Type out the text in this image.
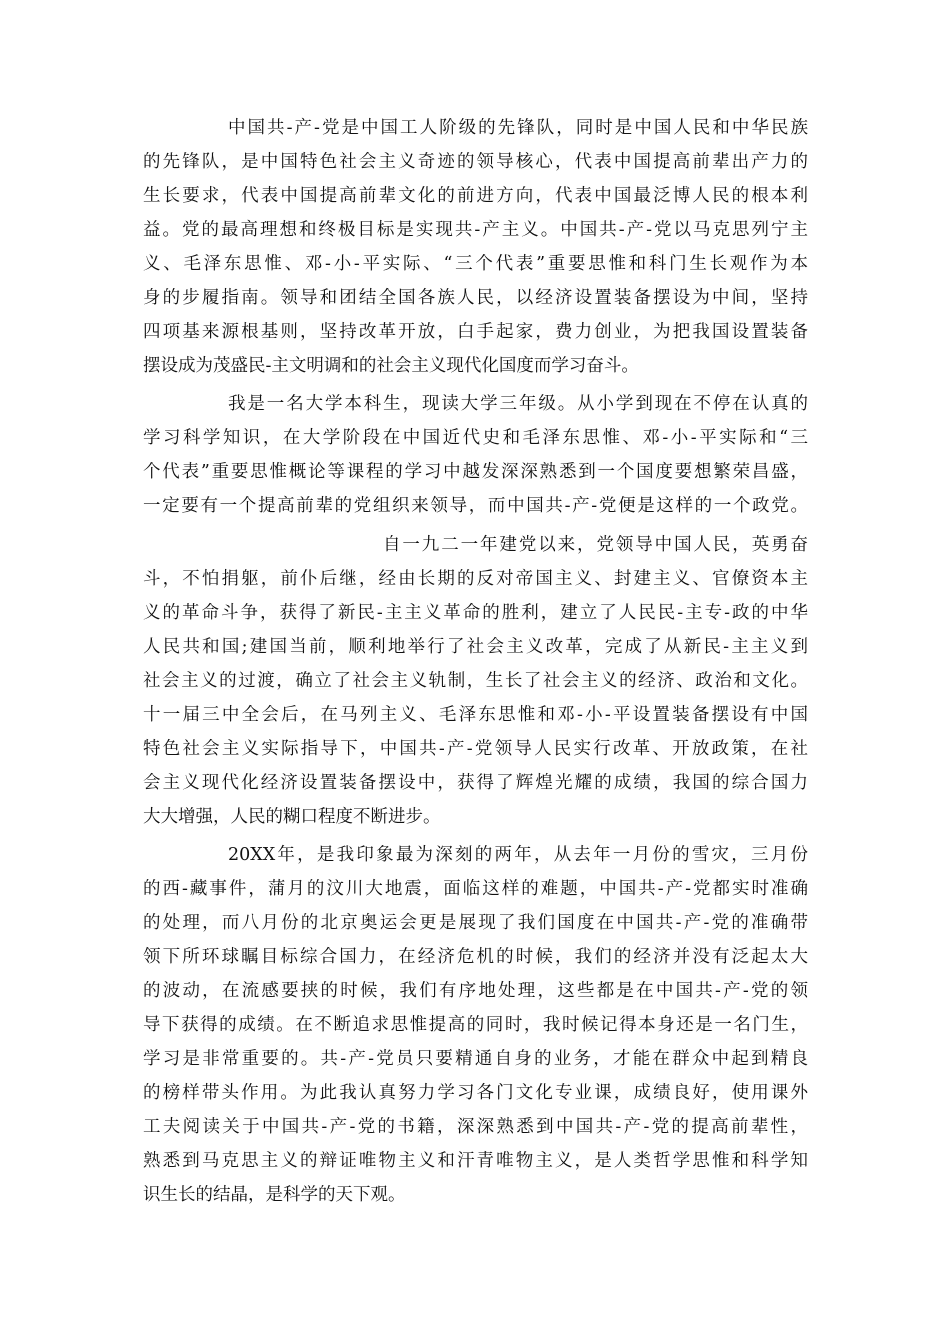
中国共-产-党是中国工人阶级的先锋队，同时是中国人民和中华民族
的先锋队，是中国特色社会主义奇迹的领导核心，代表中国提高前辈出产力的
生长要求，代表中国提高前辈文化的前进方向，代表中国最泛博人民的根本利
益。党的最高理想和终极目标是实现共-产主义。中国共-产-党以马克思列宁主
义、毛泽东思惟、邓-小-平实际、“三个代表”重要思惟和科门生长观作为本
身的步履指南。领导和团结全国各族人民，以经济设置装备摆设为中间，坚持
四项基来源根基则，坚持改革开放，白手起家，费力创业，为把我国设置装备
摆设成为茂盛民-主文明调和的社会主义现代化国度而学习奋斗。
我是一名大学本科生，现读大学三年级。从小学到现在不停在认真的
学习科学知识，在大学阶段在中国近代史和毛泽东思惟、邓-小-平实际和“三
个代表”重要思惟概论等课程的学习中越发深深熟悉到一个国度要想繁荣昌盛，
一定要有一个提高前辈的党组织来领导，而中国共-产-党便是这样的一个政党。
自一九二一年建党以来，党领导中国人民，英勇奋
斗，不怕捐躯，前仆后继，经由长期的反对帝国主义、封建主义、官僚资本主
义的革命斗争，获得了新民-主主义革命的胜利，建立了人民民-主专-政的中华
人民共和国;建国当前，顺利地举行了社会主义改革，完成了从新民-主主义到
社会主义的过渡，确立了社会主义轨制，生长了社会主义的经济、政治和文化。
十一届三中全会后，在马列主义、毛泽东思惟和邓-小-平设置装备摆设有中国
特色社会主义实际指导下，中国共-产-党领导人民实行改革、开放政策，在社
会主义现代化经济设置装备摆设中，获得了辉煌光耀的成绩，我国的综合国力
大大增强，人民的糊口程度不断进步。
20XX年，是我印象最为深刻的两年，从去年一月份的雪灾，三月份
的西-藏事件，蒲月的汶川大地震，面临这样的难题，中国共-产-党都实时准确
的处理，而八月份的北京奥运会更是展现了我们国度在中国共-产-党的准确带
领下所环球瞩目标综合国力，在经济危机的时候，我们的经济并没有泛起太大
的波动，在流感要挟的时候，我们有序地处理，这些都是在中国共-产-党的领
导下获得的成绩。在不断追求思惟提高的同时，我时候记得本身还是一名门生，
学习是非常重要的。共-产-党员只要精通自身的业务，才能在群众中起到精良
的榜样带头作用。为此我认真努力学习各门文化专业课，成绩良好，使用课外
工夫阅读关于中国共-产-党的书籍，深深熟悉到中国共-产-党的提高前辈性，
熟悉到马克思主义的辩证唯物主义和汗青唯物主义，是人类哲学思惟和科学知
识生长的结晶，是科学的天下观。
